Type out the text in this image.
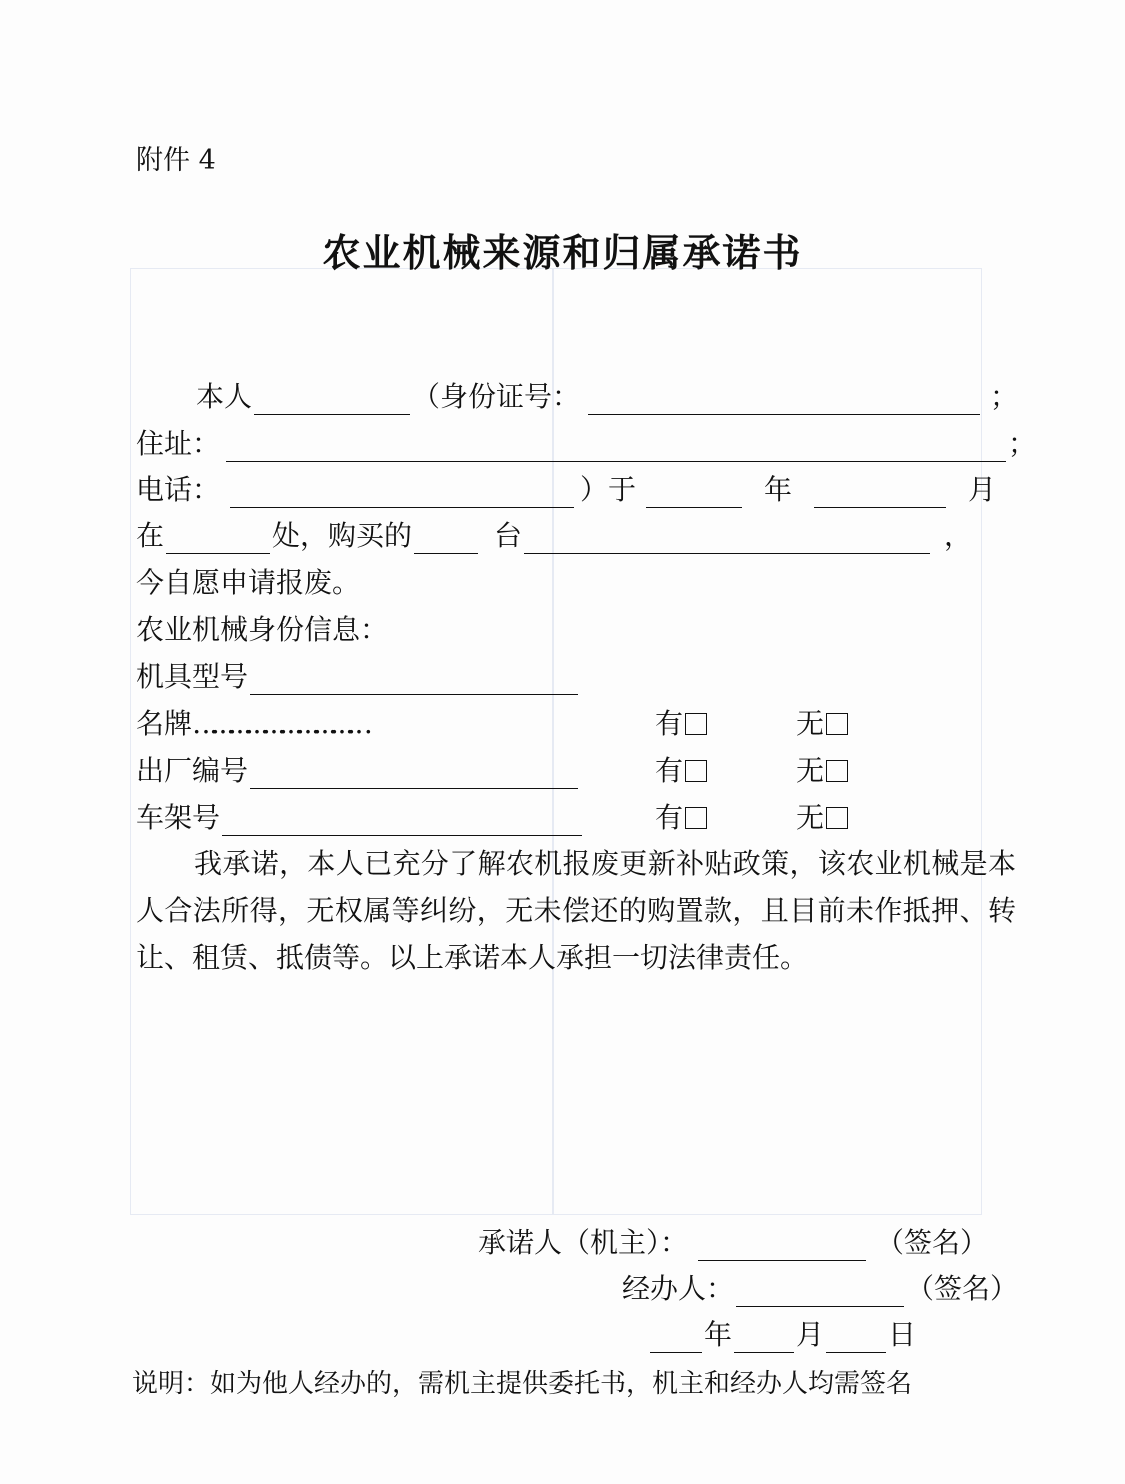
附件 4
农业机械来源和归属承诺书
本人	（身份证号：	；
住址：	；
电话：	）于	年	月
在	处，购买的	台	，
今自愿申请报废。
农业机械身份信息：
机具型号
名牌…………………………	有	无
出厂编号	有	无
车架号	有	无
我承诺，本人已充分了解农机报废更新补贴政策，该农业机械是本人合法所得，无权属等纠纷，无未偿还的购置款，且目前未作抵押、转让、租赁、抵债等。以上承诺本人承担一切法律责任。
承诺人（机主）：	（签名）
经办人：	（签名）
年 月 日
说明：如为他人经办的，需机主提供委托书，机主和经办人均需签名
